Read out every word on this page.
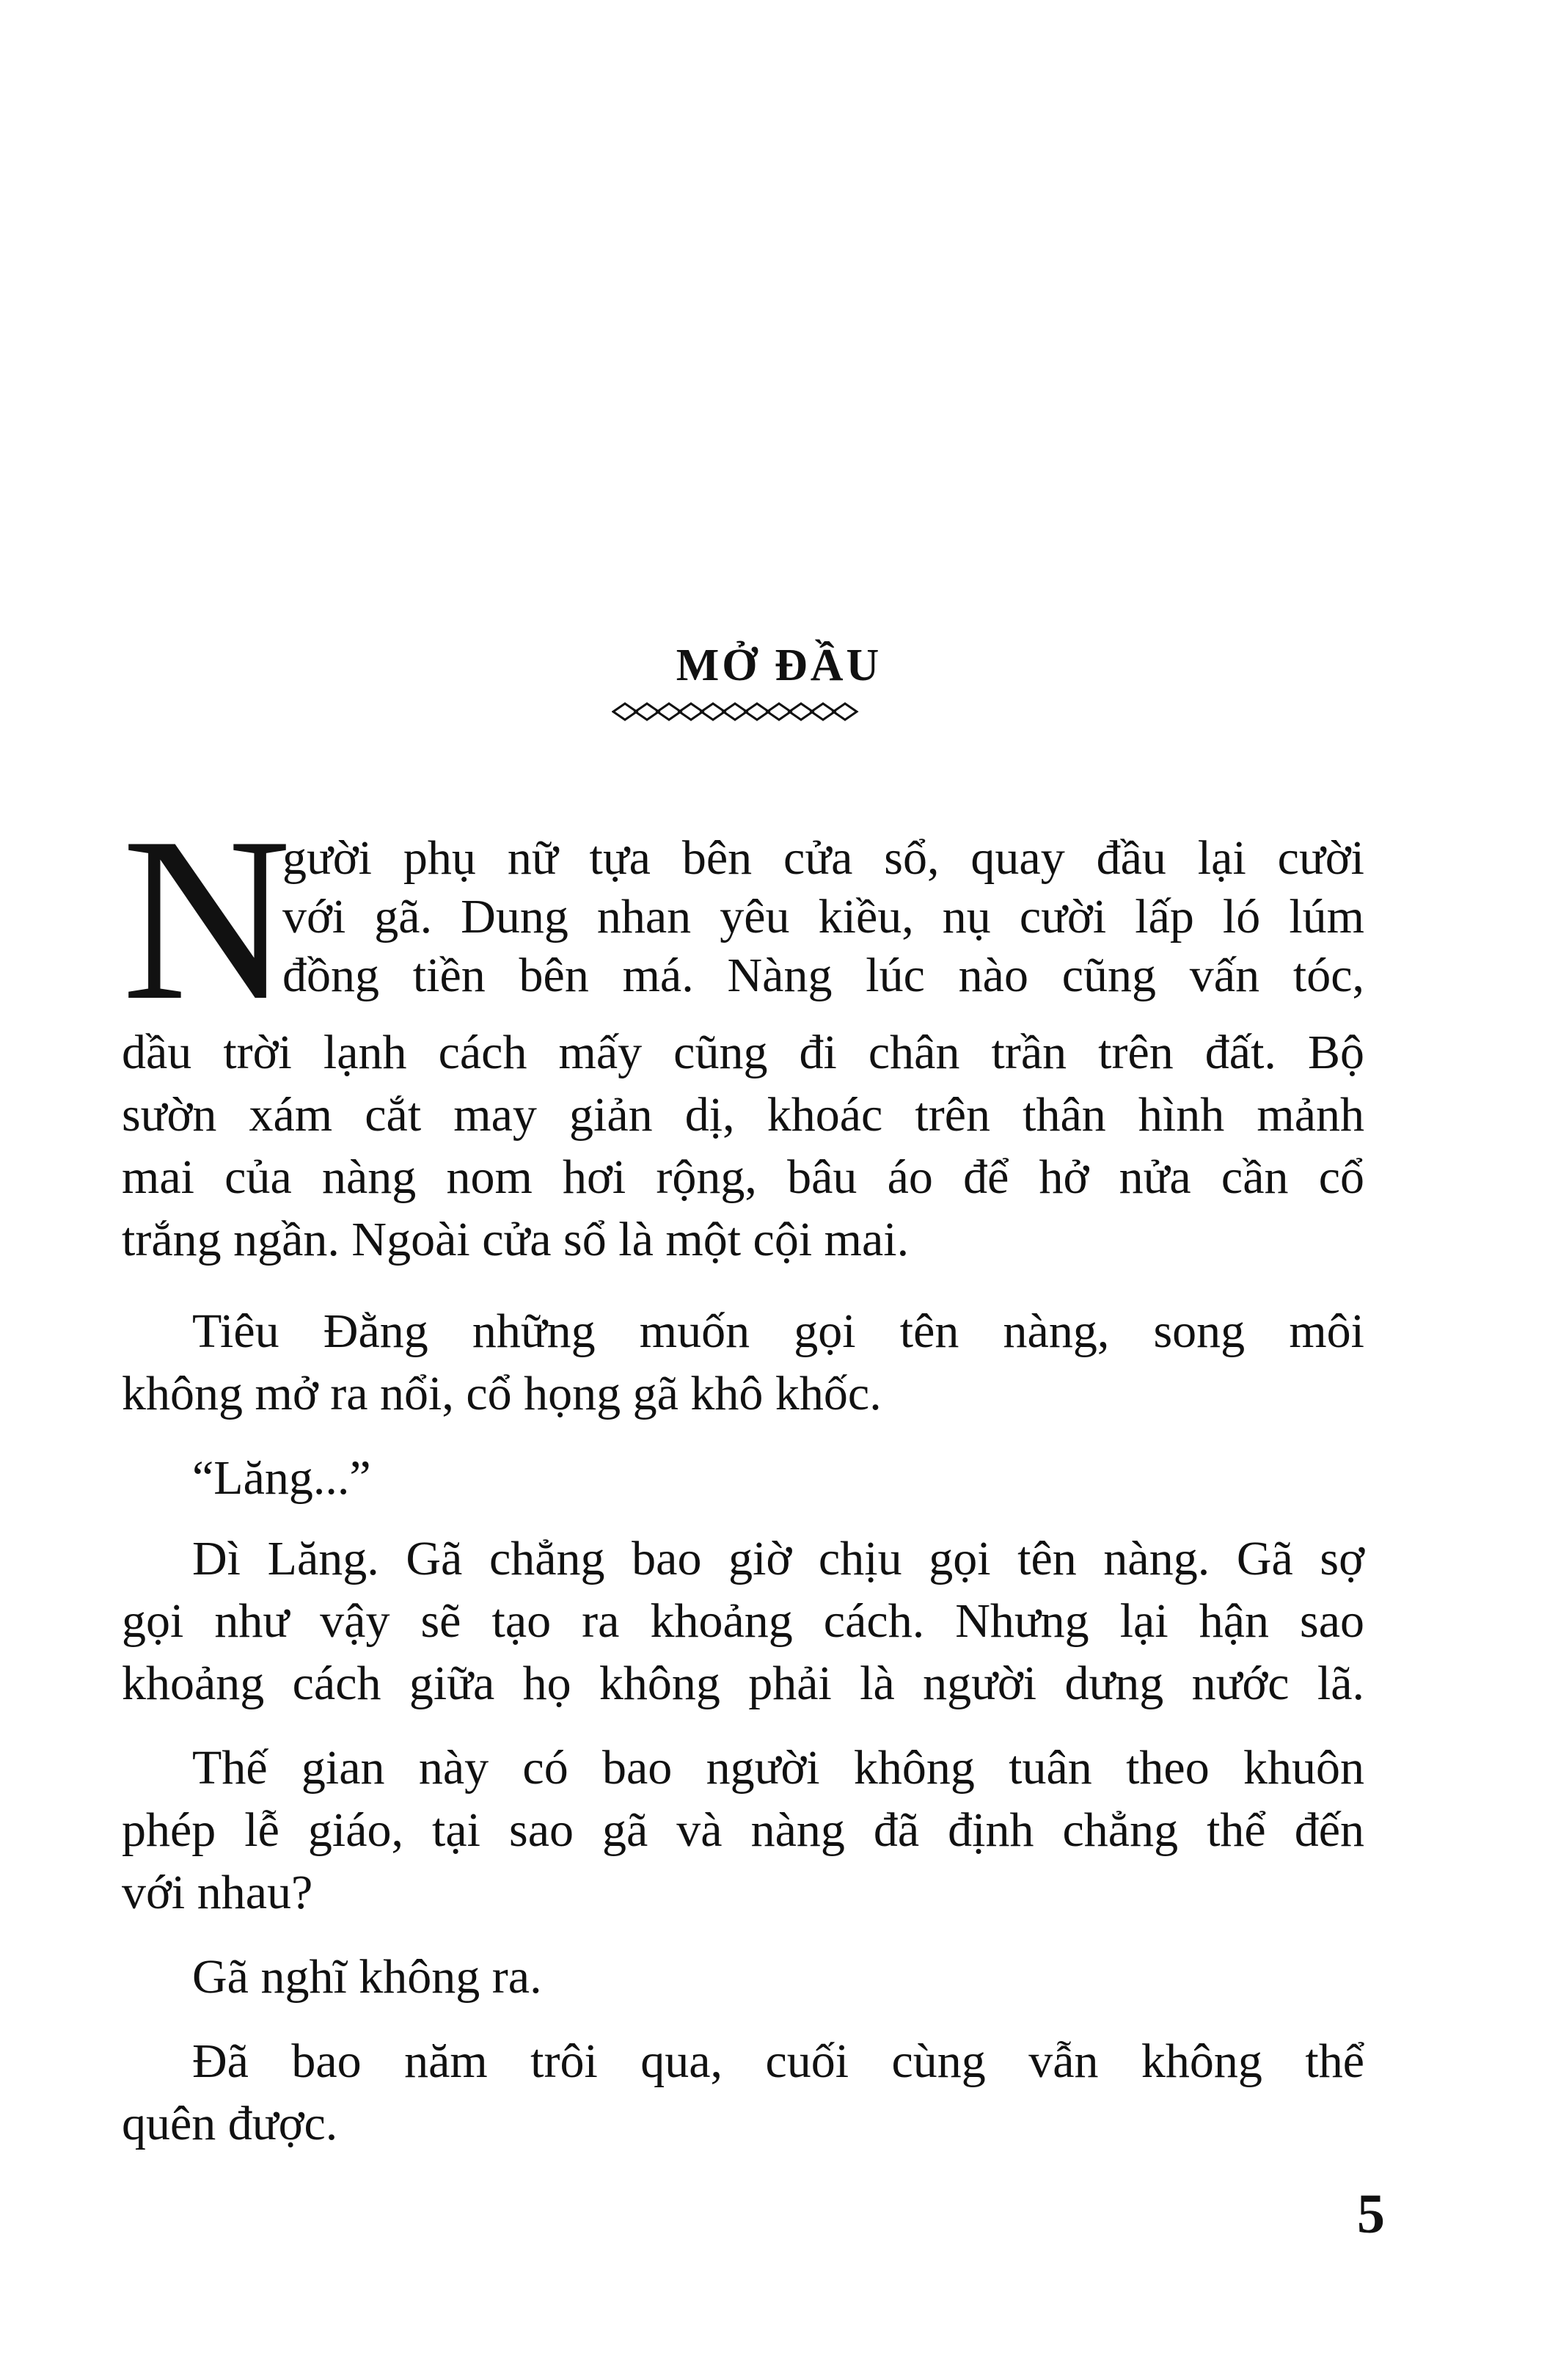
MỞ ĐẦU
N
gười phụ nữ tựa bên cửa sổ, quay đầu lại cười
với gã. Dung nhan yêu kiều, nụ cười lấp ló lúm
đồng tiền bên má. Nàng lúc nào cũng vấn tóc,
dầu trời lạnh cách mấy cũng đi chân trần trên đất. Bộ
sườn xám cắt may giản dị, khoác trên thân hình mảnh
mai của nàng nom hơi rộng, bâu áo để hở nửa cần cổ
trắng ngần. Ngoài cửa sổ là một cội mai.
Tiêu Đằng những muốn gọi tên nàng, song môi
không mở ra nổi, cổ họng gã khô khốc.
“Lăng...”
Dì Lăng. Gã chẳng bao giờ chịu gọi tên nàng. Gã sợ
gọi như vậy sẽ tạo ra khoảng cách. Nhưng lại hận sao
khoảng cách giữa họ không phải là người dưng nước lã.
Thế gian này có bao người không tuân theo khuôn
phép lễ giáo, tại sao gã và nàng đã định chẳng thể đến
với nhau?
Gã nghĩ không ra.
Đã bao năm trôi qua, cuối cùng vẫn không thể
quên được.
5
